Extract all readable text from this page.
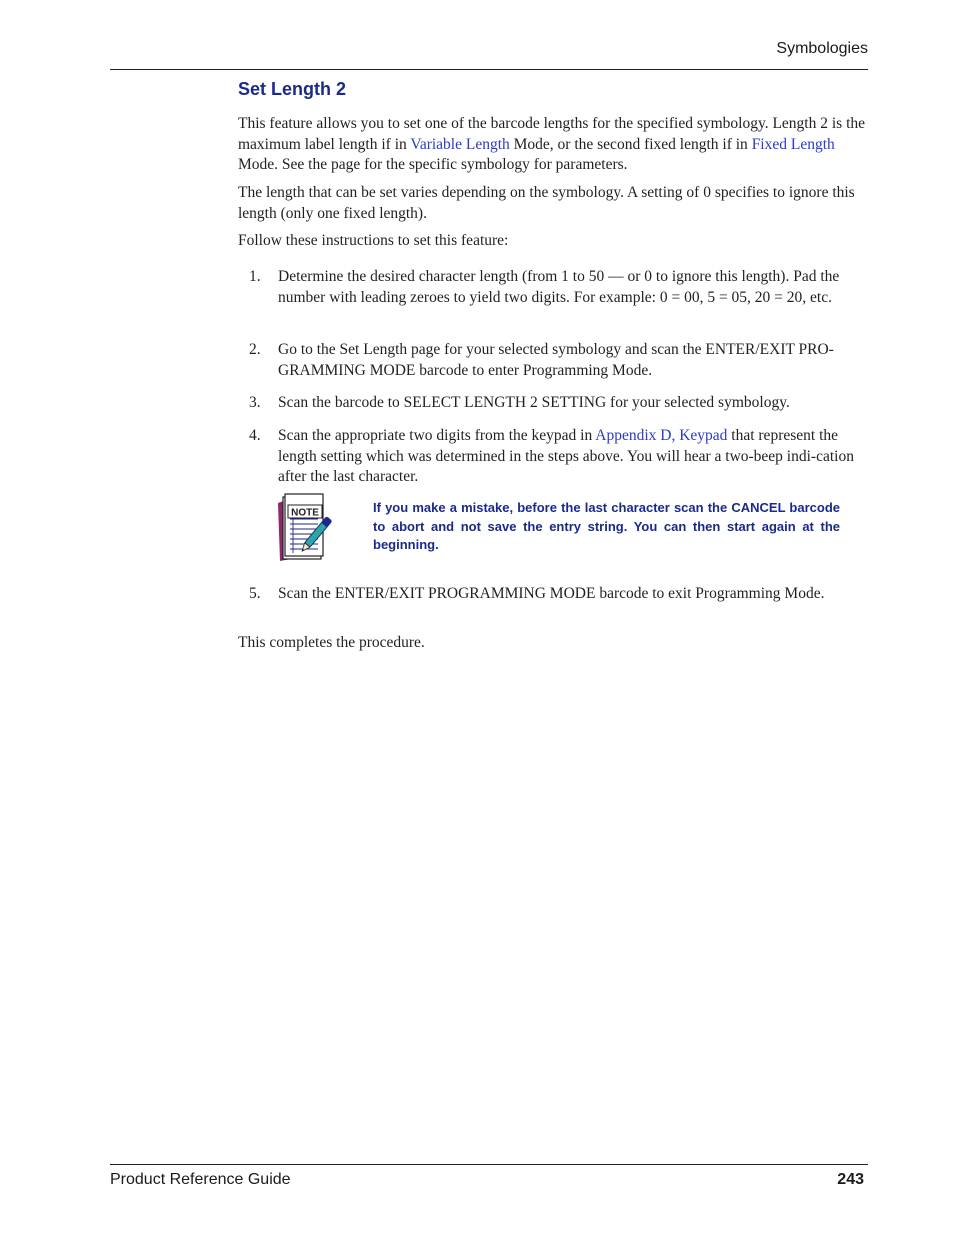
Symbologies
Set Length 2

This feature allows you to set one of the barcode lengths for the specified symbology. Length 2 is the maximum label length if in Variable Length Mode, or the second fixed length if in Fixed Length Mode. See the page for the specific symbology for parameters.

The length that can be set varies depending on the symbology. A setting of 0 specifies to ignore this length (only one fixed length).

Follow these instructions to set this feature:

1.	Determine the desired character length (from 1 to 50 — or 0 to ignore this length). Pad the number with leading zeroes to yield two digits. For example: 0 = 00, 5 = 05, 20 = 20, etc.
2.	Go to the Set Length page for your selected symbology and scan the ENTER/EXIT PRO-GRAMMING MODE barcode to enter Programming Mode.
3.	Scan the barcode to SELECT LENGTH 2 SETTING for your selected symbology.
4.	Scan the appropriate two digits from the keypad in Appendix D, Keypad that represent the length setting which was determined in the steps above. You will hear a two-beep indi-cation after the last character.
NOTE	If you make a mistake, before the last character scan the CANCEL barcode to abort and not save the entry string. You can then start again at the beginning.
5.	Scan the ENTER/EXIT PROGRAMMING MODE barcode to exit Programming Mode.

This completes the procedure.

Product Reference Guide	243
